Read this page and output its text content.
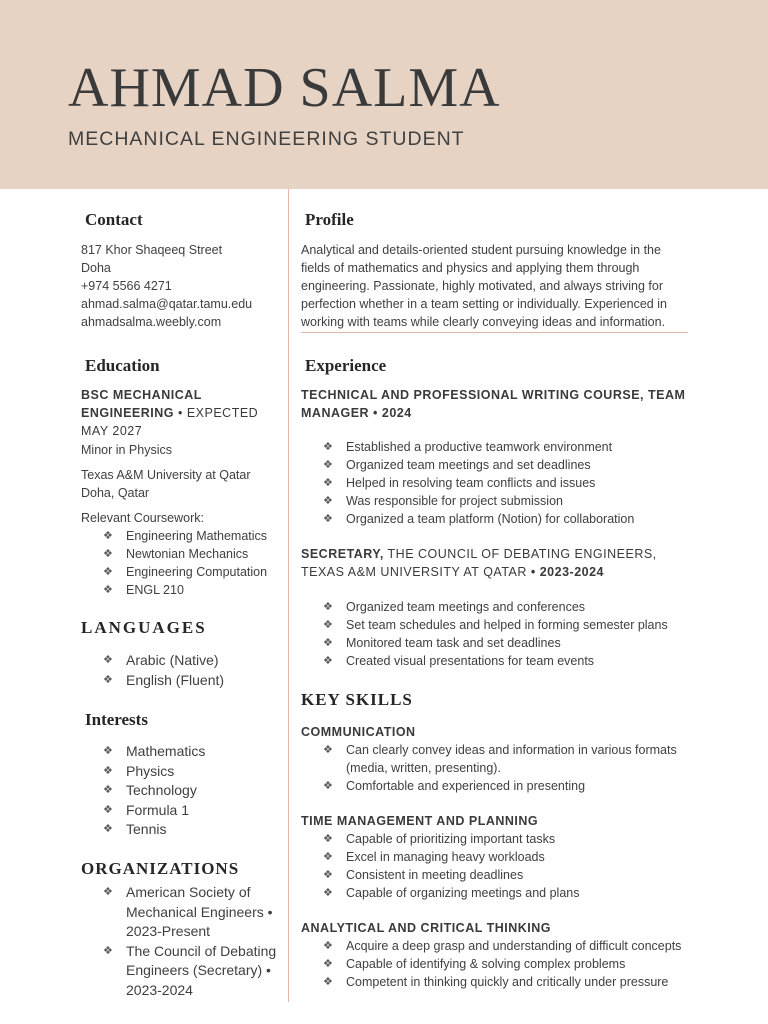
AHMAD SALMA
MECHANICAL ENGINEERING STUDENT
Contact
817 Khor Shaqeeq Street
Doha
+974 5566 4271
ahmad.salma@qatar.tamu.edu
ahmadsalma.weebly.com
Education
BSC MECHANICAL
ENGINEERING • EXPECTED
MAY 2027
Minor in Physics
Texas A&M University at Qatar
Doha, Qatar
Relevant Coursework:
❖ Engineering Mathematics
❖ Newtonian Mechanics
❖ Engineering Computation
❖ ENGL 210
LANGUAGES
❖ Arabic (Native)
❖ English (Fluent)
Interests
❖ Mathematics
❖ Physics
❖ Technology
❖ Formula 1
❖ Tennis
ORGANIZATIONS
❖ American Society of
Mechanical Engineers •
2023-Present
❖ The Council of Debating
Engineers (Secretary) •
2023-2024
Profile
Analytical and details-oriented student pursuing knowledge in the
fields of mathematics and physics and applying them through
engineering. Passionate, highly motivated, and always striving for
perfection whether in a team setting or individually. Experienced in
working with teams while clearly conveying ideas and information.
Experience
TECHNICAL AND PROFESSIONAL WRITING COURSE, TEAM
MANAGER • 2024
❖ Established a productive teamwork environment
❖ Organized team meetings and set deadlines
❖ Helped in resolving team conflicts and issues
❖ Was responsible for project submission
❖ Organized a team platform (Notion) for collaboration
SECRETARY, THE COUNCIL OF DEBATING ENGINEERS,
TEXAS A&M UNIVERSITY AT QATAR • 2023-2024
❖ Organized team meetings and conferences
❖ Set team schedules and helped in forming semester plans
❖ Monitored team task and set deadlines
❖ Created visual presentations for team events
KEY SKILLS
COMMUNICATION
❖ Can clearly convey ideas and information in various formats
(media, written, presenting).
❖ Comfortable and experienced in presenting
TIME MANAGEMENT AND PLANNING
❖ Capable of prioritizing important tasks
❖ Excel in managing heavy workloads
❖ Consistent in meeting deadlines
❖ Capable of organizing meetings and plans
ANALYTICAL AND CRITICAL THINKING
❖ Acquire a deep grasp and understanding of difficult concepts
❖ Capable of identifying & solving complex problems
❖ Competent in thinking quickly and critically under pressure
